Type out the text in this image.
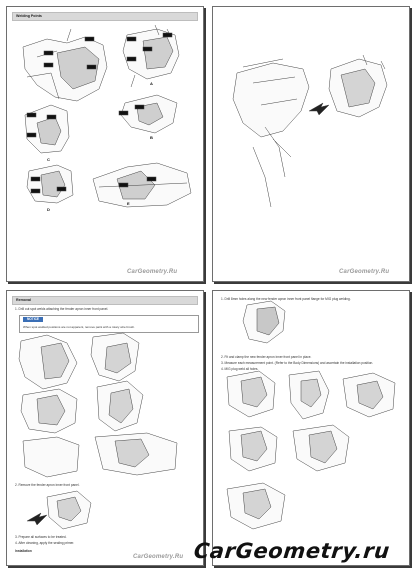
Welding Points
A
B
C
D
E
CarGeometry.Ru	CarGeometry.Ru
Removal
1. Drill out spot welds attaching the fender apron inner front panel.
NOTICE
When spot welded positions are not apparent, remove paint with a rotary wire brush.
2. Remove the fender apron inner front panel.
3. Prepare all surfaces to be treated.
4. After cleaning, apply the sealing primer.
Installation
CarGeometry.Ru
1. Drill 8mm holes along the new fender apron inner front panel flange for MIG plug welding.
2. Fit and clamp the new fender apron inner front panel in place.
3. Measure each measurement point. (Refer to the Body Dimensions) and ascertain the installation position.
4. MIG plug weld all holes.
CarGeometry.ru
